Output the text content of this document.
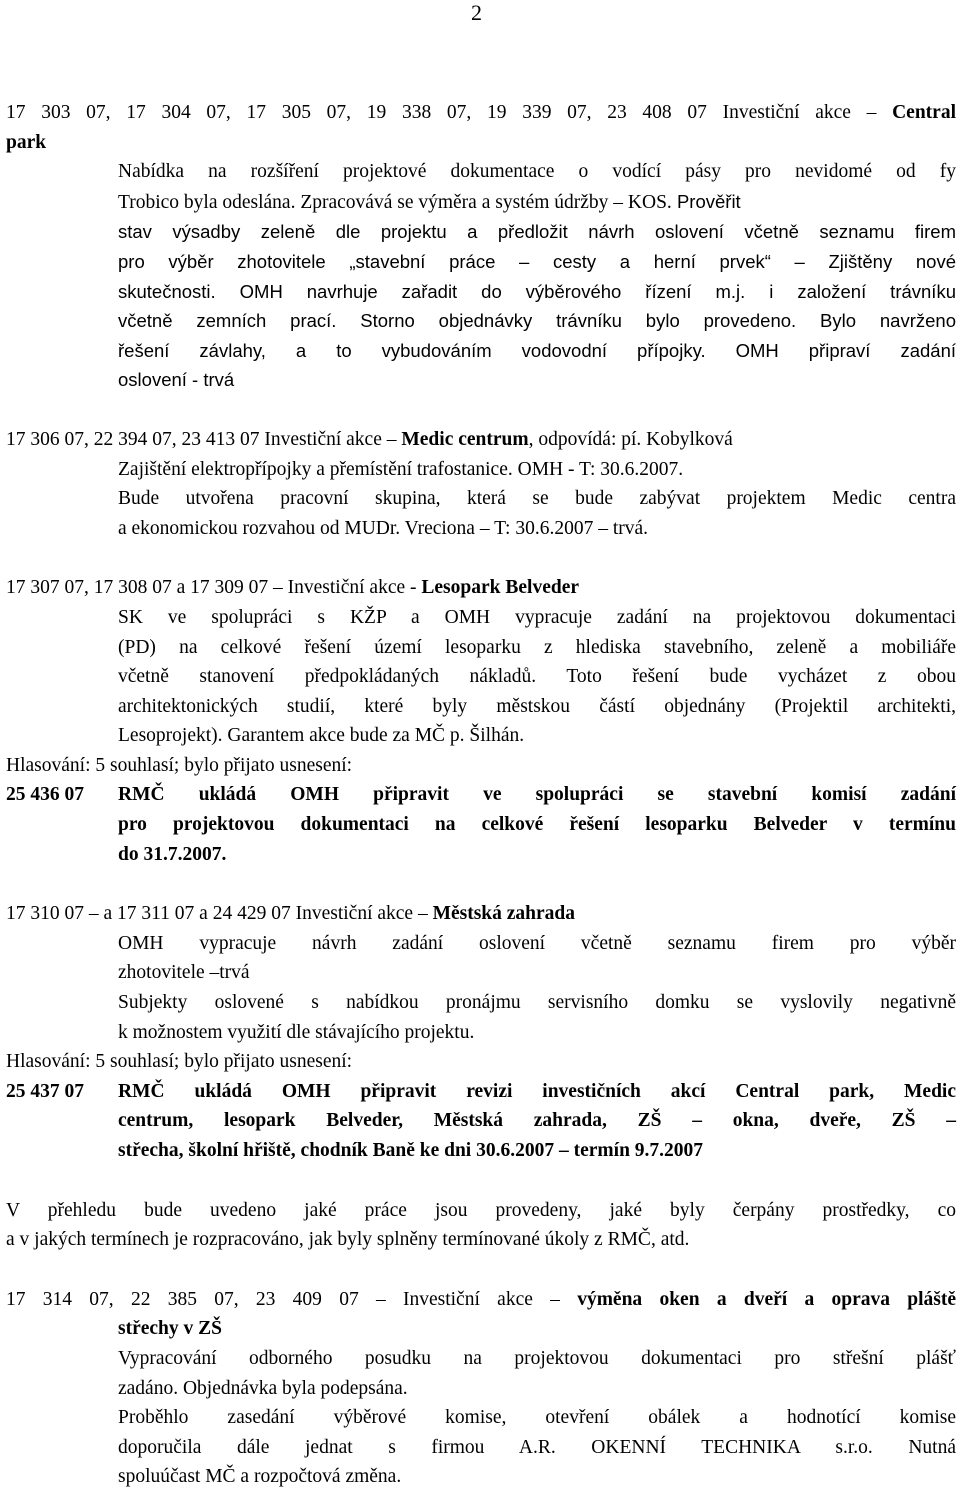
2
17 303 07, 17 304 07, 17 305 07, 19 338 07, 19 339 07, 23 408 07 Investiční akce – Central
park
Nabídka na rozšíření projektové dokumentace o vodící pásy pro nevidomé od fy
Trobico byla odeslána. Zpracovává se výměra a systém údržby – KOS. Prověřit
stav výsadby zeleně dle projektu a předložit návrh oslovení včetně seznamu firem
pro výběr zhotovitele „stavební práce – cesty a herní prvek“ – Zjištěny nové
skutečnosti. OMH navrhuje zařadit do výběrového řízení m.j. i založení trávníku
včetně zemních prací. Storno objednávky trávníku bylo provedeno. Bylo navrženo
řešení závlahy, a to vybudováním vodovodní přípojky. OMH připraví zadání
oslovení - trvá
17 306 07, 22 394 07, 23 413 07 Investiční akce – Medic centrum, odpovídá: pí. Kobylková
Zajištění elektropřípojky a přemístění trafostanice. OMH - T: 30.6.2007.
Bude utvořena pracovní skupina, která se bude zabývat projektem Medic centra
a ekonomickou rozvahou od MUDr. Vreciona – T: 30.6.2007 – trvá.
17 307 07, 17 308 07 a 17 309 07 – Investiční akce - Lesopark Belveder
SK ve spolupráci s KŽP a OMH vypracuje zadání na projektovou dokumentaci
(PD) na celkové řešení území lesoparku z hlediska stavebního, zeleně a mobiliáře
včetně stanovení předpokládaných nákladů. Toto řešení bude vycházet z obou
architektonických studií, které byly městskou částí objednány (Projektil architekti,
Lesoprojekt). Garantem akce bude za MČ p. Šilhán.
Hlasování: 5 souhlasí; bylo přijato usnesení:
25 436 07	RMČ ukládá OMH připravit ve spolupráci se stavební komisí zadání
pro projektovou dokumentaci na celkové řešení lesoparku Belveder v termínu
do 31.7.2007.
17 310 07 – a 17 311 07 a 24 429 07 Investiční akce – Městská zahrada
OMH vypracuje návrh zadání oslovení včetně seznamu firem pro výběr
zhotovitele –trvá
Subjekty oslovené s nabídkou pronájmu servisního domku se vyslovily negativně
k možnostem využití dle stávajícího projektu.
Hlasování: 5 souhlasí; bylo přijato usnesení:
25 437 07	RMČ ukládá OMH připravit revizi investičních akcí Central park, Medic
centrum, lesopark Belveder, Městská zahrada, ZŠ – okna, dveře, ZŠ –
střecha, školní hřiště, chodník Baně ke dni 30.6.2007 – termín 9.7.2007
V přehledu bude uvedeno jaké práce jsou provedeny, jaké byly čerpány prostředky, co
a v jakých termínech je rozpracováno, jak byly splněny termínované úkoly z RMČ, atd.
17 314 07, 22 385 07, 23 409 07 – Investiční akce – výměna oken a dveří a oprava pláště
střechy v ZŠ
Vypracování odborného posudku na projektovou dokumentaci pro střešní plášť
zadáno. Objednávka byla podepsána.
Proběhlo zasedání výběrové komise, otevření obálek a hodnotící komise
doporučila dále jednat s firmou A.R. OKENNÍ TECHNIKA s.r.o. Nutná
spoluúčast MČ a rozpočtová změna.
